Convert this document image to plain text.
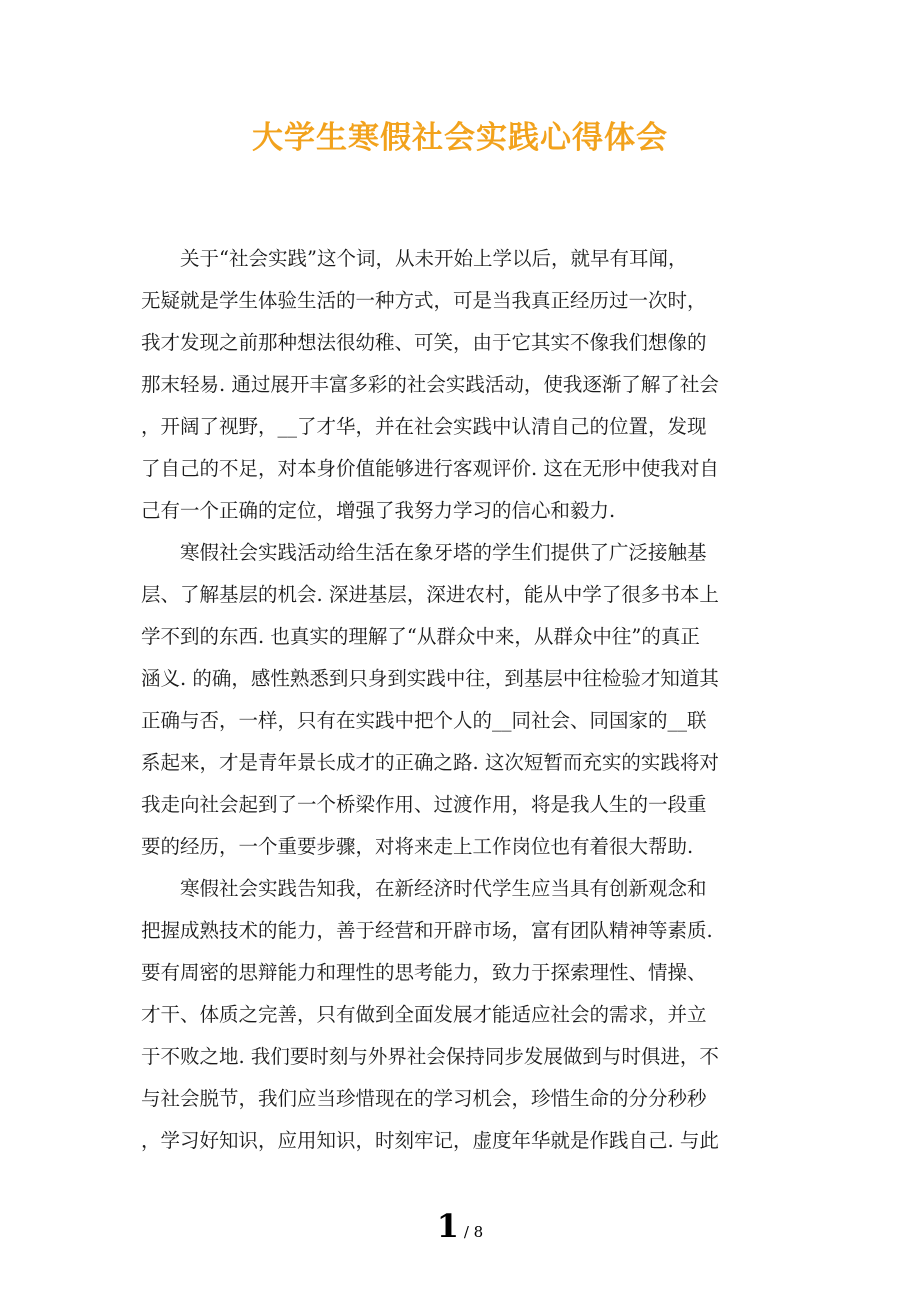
大学生寒假社会实践心得体会
　　关于“社会实践”这个词，从未开始上学以后，就早有耳闻，
无疑就是学生体验生活的一种方式，可是当我真正经历过一次时，
我才发现之前那种想法很幼稚、可笑，由于它其实不像我们想像的
那末轻易. 通过展开丰富多彩的社会实践活动，使我逐渐了解了社会
，开阔了视野，__了才华，并在社会实践中认清自己的位置，发现
了自己的不足，对本身价值能够进行客观评价. 这在无形中使我对自
己有一个正确的定位，增强了我努力学习的信心和毅力.
　　寒假社会实践活动给生活在象牙塔的学生们提供了广泛接触基
层、了解基层的机会. 深进基层，深进农村，能从中学了很多书本上
学不到的东西. 也真实的理解了“从群众中来，从群众中往”的真正
涵义. 的确，感性熟悉到只身到实践中往，到基层中往检验才知道其
正确与否，一样，只有在实践中把个人的__同社会、同国家的__联
系起来，才是青年景长成才的正确之路. 这次短暂而充实的实践将对
我走向社会起到了一个桥梁作用、过渡作用，将是我人生的一段重
要的经历，一个重要步骤，对将来走上工作岗位也有着很大帮助.
　　寒假社会实践告知我，在新经济时代学生应当具有创新观念和
把握成熟技术的能力，善于经营和开辟市场，富有团队精神等素质.
要有周密的思辩能力和理性的思考能力，致力于探索理性、情操、
才干、体质之完善，只有做到全面发展才能适应社会的需求，并立
于不败之地. 我们要时刻与外界社会保持同步发展做到与时俱进，不
与社会脱节，我们应当珍惜现在的学习机会，珍惜生命的分分秒秒
，学习好知识，应用知识，时刻牢记，虚度年华就是作践自己. 与此
1 / 8
